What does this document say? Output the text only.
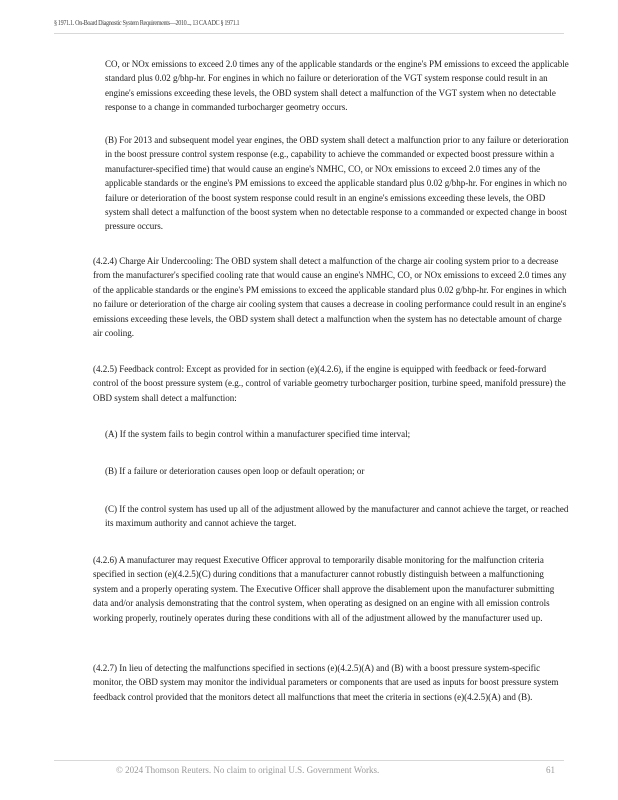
§ 1971.1. On-Board Diagnostic System Requirements—2010..., 13 CA ADC § 1971.1

CO, or NOx emissions to exceed 2.0 times any of the applicable standards or the engine's PM emissions to exceed the applicable standard plus 0.02 g/bhp-hr. For engines in which no failure or deterioration of the VGT system response could result in an engine's emissions exceeding these levels, the OBD system shall detect a malfunction of the VGT system when no detectable response to a change in commanded turbocharger geometry occurs.

(B) For 2013 and subsequent model year engines, the OBD system shall detect a malfunction prior to any failure or deterioration in the boost pressure control system response (e.g., capability to achieve the commanded or expected boost pressure within a manufacturer-specified time) that would cause an engine's NMHC, CO, or NOx emissions to exceed 2.0 times any of the applicable standards or the engine's PM emissions to exceed the applicable standard plus 0.02 g/bhp-hr. For engines in which no failure or deterioration of the boost system response could result in an engine's emissions exceeding these levels, the OBD system shall detect a malfunction of the boost system when no detectable response to a commanded or expected change in boost pressure occurs.

(4.2.4) Charge Air Undercooling: The OBD system shall detect a malfunction of the charge air cooling system prior to a decrease from the manufacturer's specified cooling rate that would cause an engine's NMHC, CO, or NOx emissions to exceed 2.0 times any of the applicable standards or the engine's PM emissions to exceed the applicable standard plus 0.02 g/bhp-hr. For engines in which no failure or deterioration of the charge air cooling system that causes a decrease in cooling performance could result in an engine's emissions exceeding these levels, the OBD system shall detect a malfunction when the system has no detectable amount of charge air cooling.

(4.2.5) Feedback control: Except as provided for in section (e)(4.2.6), if the engine is equipped with feedback or feed-forward control of the boost pressure system (e.g., control of variable geometry turbocharger position, turbine speed, manifold pressure) the OBD system shall detect a malfunction:

(A) If the system fails to begin control within a manufacturer specified time interval;

(B) If a failure or deterioration causes open loop or default operation; or

(C) If the control system has used up all of the adjustment allowed by the manufacturer and cannot achieve the target, or reached its maximum authority and cannot achieve the target.

(4.2.6) A manufacturer may request Executive Officer approval to temporarily disable monitoring for the malfunction criteria specified in section (e)(4.2.5)(C) during conditions that a manufacturer cannot robustly distinguish between a malfunctioning system and a properly operating system. The Executive Officer shall approve the disablement upon the manufacturer submitting data and/or analysis demonstrating that the control system, when operating as designed on an engine with all emission controls working properly, routinely operates during these conditions with all of the adjustment allowed by the manufacturer used up.

(4.2.7) In lieu of detecting the malfunctions specified in sections (e)(4.2.5)(A) and (B) with a boost pressure system-specific monitor, the OBD system may monitor the individual parameters or components that are used as inputs for boost pressure system feedback control provided that the monitors detect all malfunctions that meet the criteria in sections (e)(4.2.5)(A) and (B).

© 2024 Thomson Reuters. No claim to original U.S. Government Works.	61
